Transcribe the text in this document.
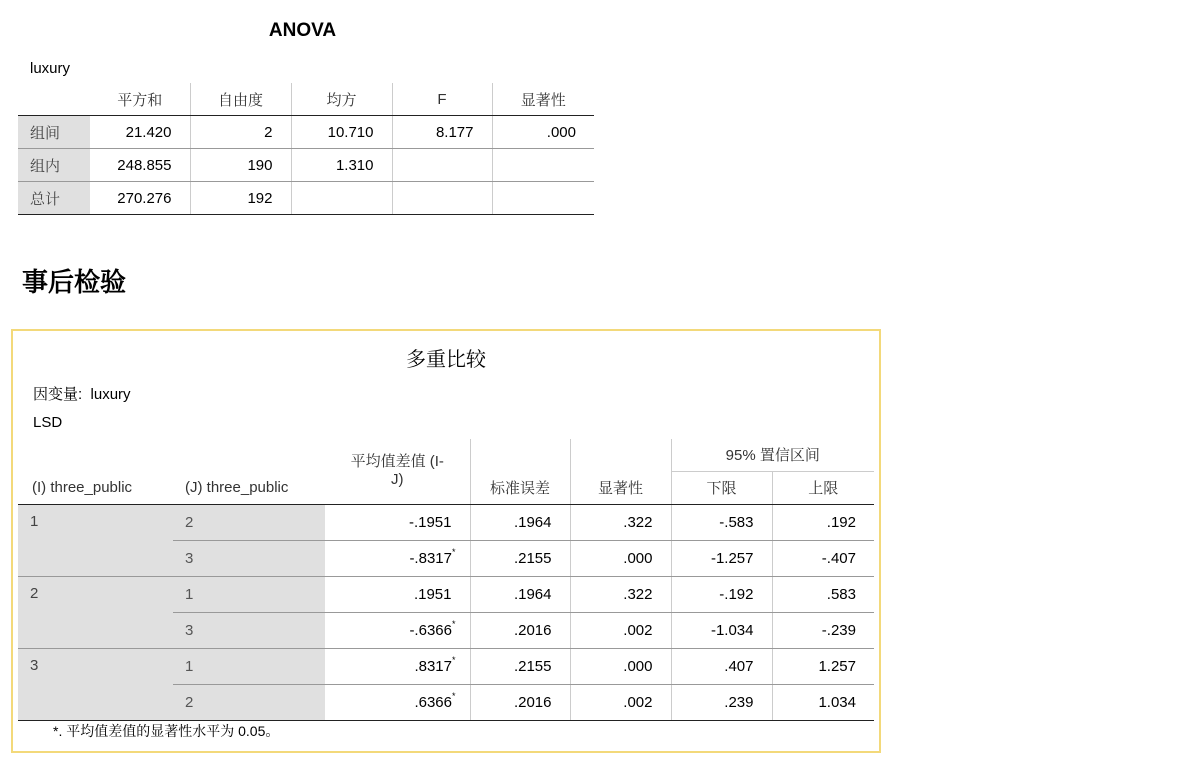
ANOVA
luxury
	平方和	自由度	均方	F	显著性
组间	21.420	2	10.710	8.177	.000
组内	248.855	190	1.310		
总计	270.276	192			
事后检验
多重比较
因变量: luxury
LSD
		平均值差值 (I-			95% 置信区间	
(I) three_public	(J) three_public	J)	标准误差	显著性	下限	上限
1	2	-.1951	.1964	.322	-.583	.192
	3	-.8317*	.2155	.000	-1.257	-.407
2	1	.1951	.1964	.322	-.192	.583
	3	-.6366*	.2016	.002	-1.034	-.239
3	1	.8317*	.2155	.000	.407	1.257
	2	.6366*	.2016	.002	.239	1.034
*. 平均值差值的显著性水平为 0.05。
